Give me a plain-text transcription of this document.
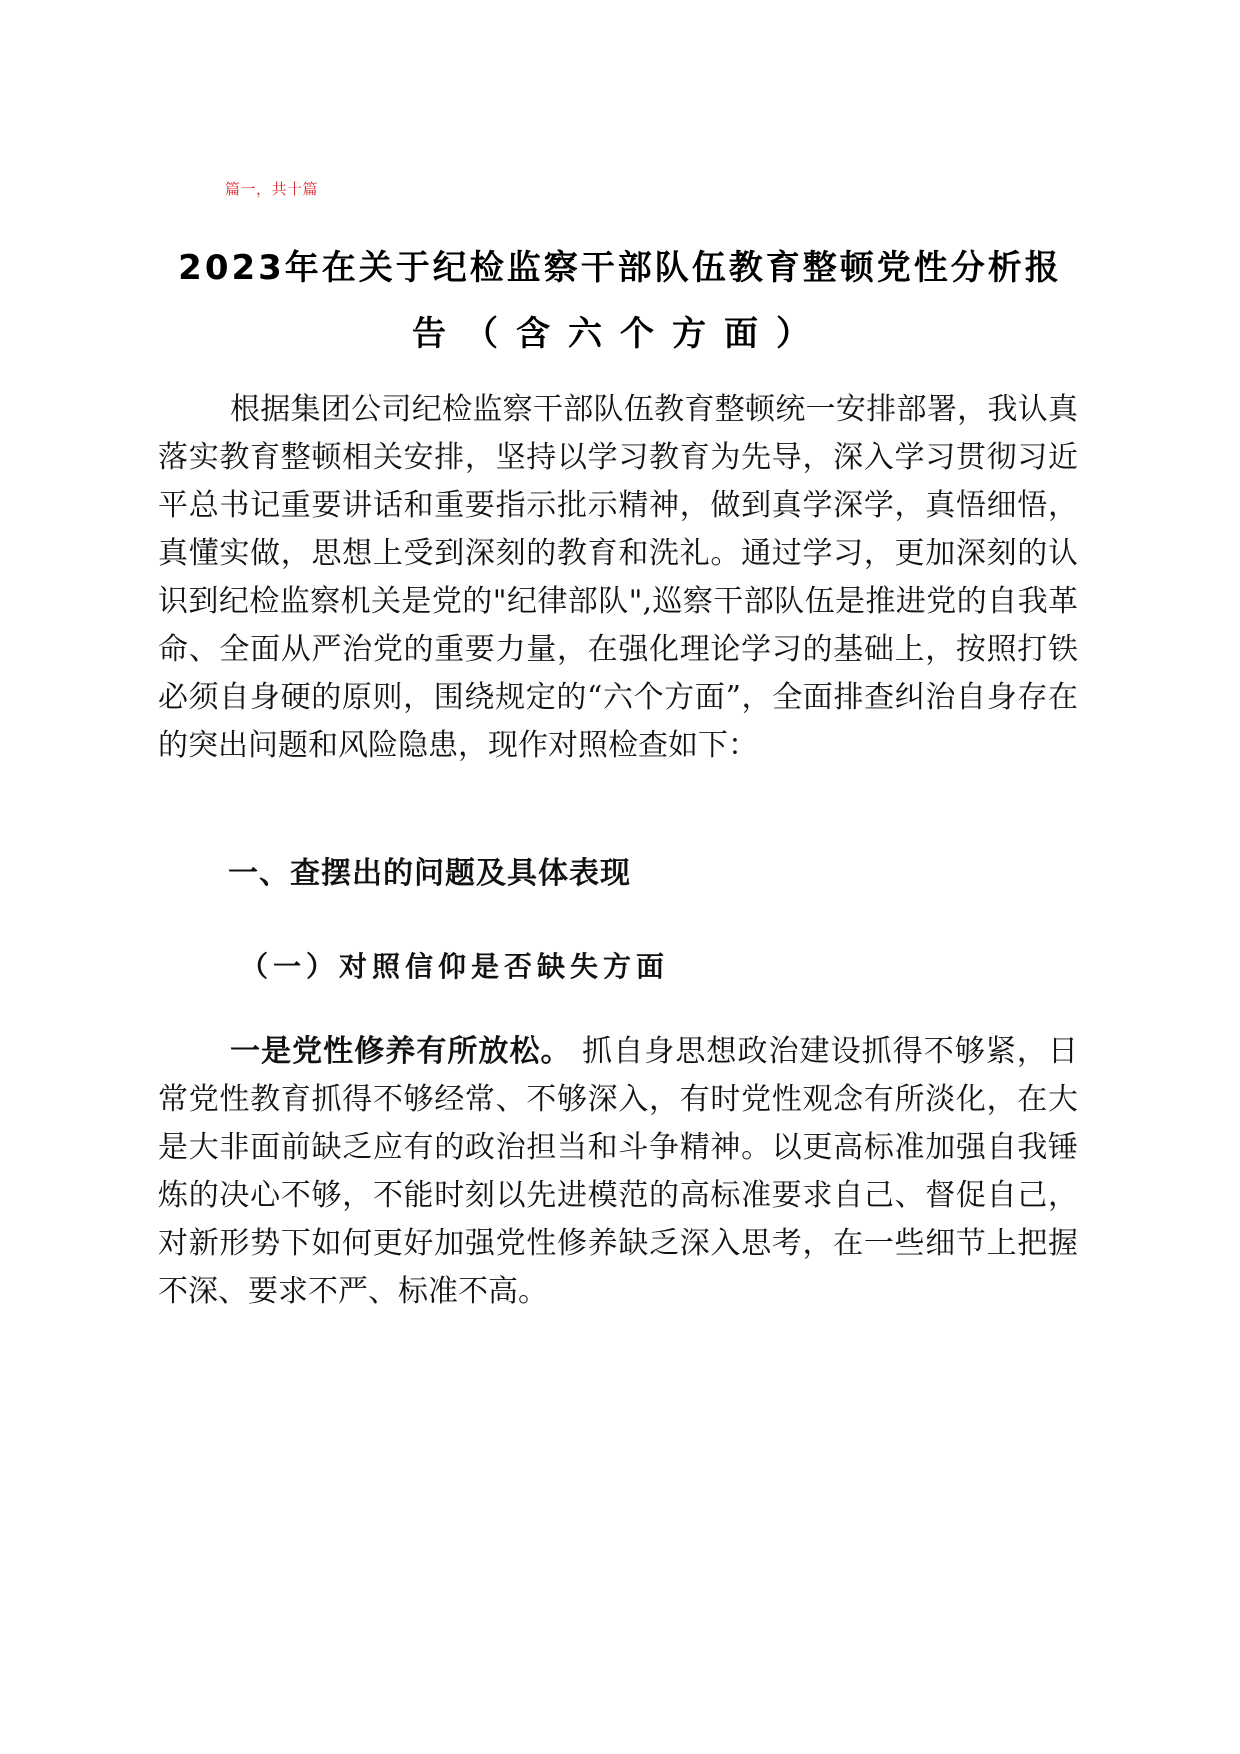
篇一，共十篇
2023年在关于纪检监察干部队伍教育整顿党性分析报
告（含六个方面）

根据集团公司纪检监察干部队伍教育整顿统一安排部署，我认真落实教育整顿相关安排，坚持以学习教育为先导，深入学习贯彻习近平总书记重要讲话和重要指示批示精神，做到真学深学，真悟细悟，真懂实做，思想上受到深刻的教育和洗礼。通过学习，更加深刻的认识到纪检监察机关是党的"纪律部队",巡察干部队伍是推进党的自我革命、全面从严治党的重要力量，在强化理论学习的基础上，按照打铁必须自身硬的原则，围绕规定的“六个方面”，全面排查纠治自身存在的突出问题和风险隐患，现作对照检查如下：

一、查摆出的问题及具体表现
（一）对照信仰是否缺失方面

一是党性修养有所放松。 抓自身思想政治建设抓得不够紧，日常党性教育抓得不够经常、不够深入，有时党性观念有所淡化，在大是大非面前缺乏应有的政治担当和斗争精神。以更高标准加强自我锤炼的决心不够，不能时刻以先进模范的高标准要求自己、督促自己，对新形势下如何更好加强党性修养缺乏深入思考，在一些细节上把握不深、要求不严、标准不高。
